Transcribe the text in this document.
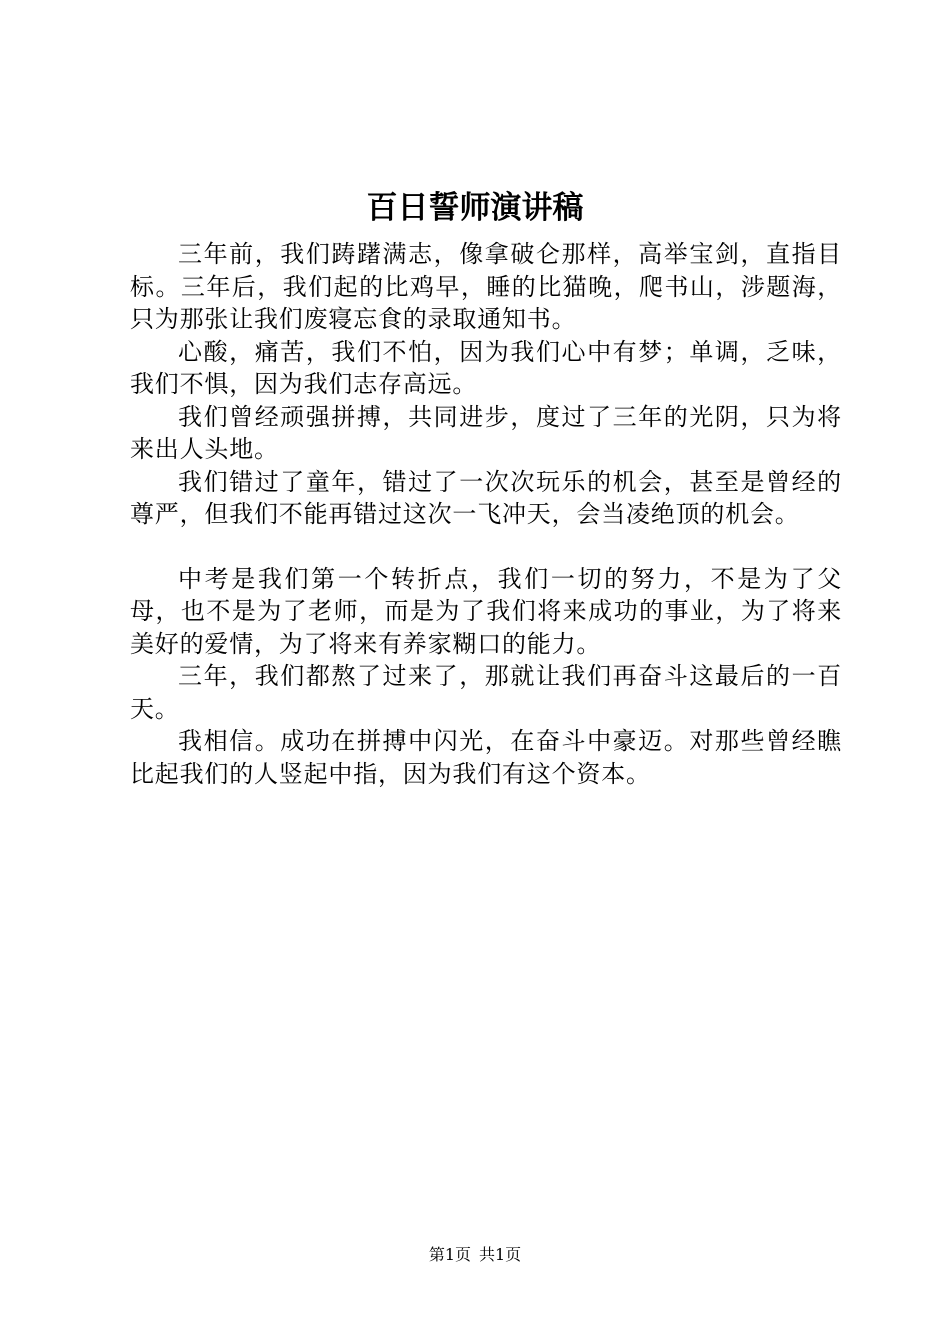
百日誓师演讲稿

三年前，我们踌躇满志，像拿破仑那样，高举宝剑，直指目标。三年后，我们起的比鸡早，睡的比猫晚，爬书山，涉题海，只为那张让我们废寝忘食的录取通知书。

心酸，痛苦，我们不怕，因为我们心中有梦；单调，乏味，我们不惧，因为我们志存高远。

我们曾经顽强拼搏，共同进步，度过了三年的光阴，只为将来出人头地。

我们错过了童年，错过了一次次玩乐的机会，甚至是曾经的尊严，但我们不能再错过这次一飞冲天，会当凌绝顶的机会。

中考是我们第一个转折点，我们一切的努力，不是为了父母，也不是为了老师，而是为了我们将来成功的事业，为了将来美好的爱情，为了将来有养家糊口的能力。

三年，我们都熬了过来了，那就让我们再奋斗这最后的一百天。

我相信。成功在拼搏中闪光，在奋斗中豪迈。对那些曾经瞧比起我们的人竖起中指，因为我们有这个资本。

第1页 共1页
